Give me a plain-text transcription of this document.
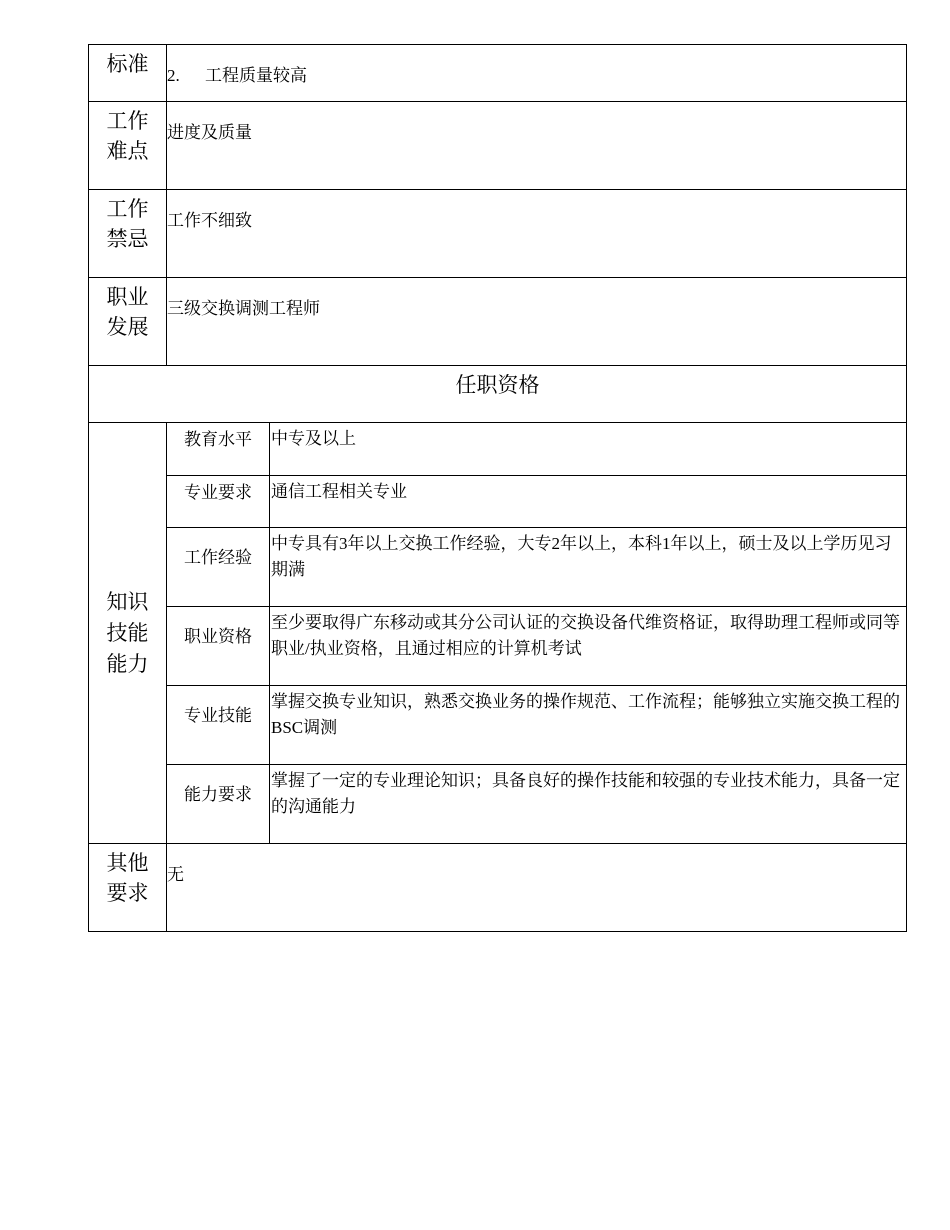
标准	2. 工程质量较高	
工作
难点	进度及质量	
工作
禁忌	工作不细致	
职业
发展	三级交换调测工程师	
任职资格		
知识
技能
能力	教育水平	中专及以上
	专业要求	通信工程相关专业
	工作经验	中专具有3年以上交换工作经验，大专2年以上，本科1年以上，硕士及以上学历见习期满
	职业资格	至少要取得广东移动或其分公司认证的交换设备代维资格证，取得助理工程师或同等职业/执业资格，且通过相应的计算机考试
	专业技能	掌握交换专业知识，熟悉交换业务的操作规范、工作流程；能够独立实施交换工程的BSC调测
	能力要求	掌握了一定的专业理论知识；具备良好的操作技能和较强的专业技术能力，具备一定的沟通能力
其他
要求	无	
